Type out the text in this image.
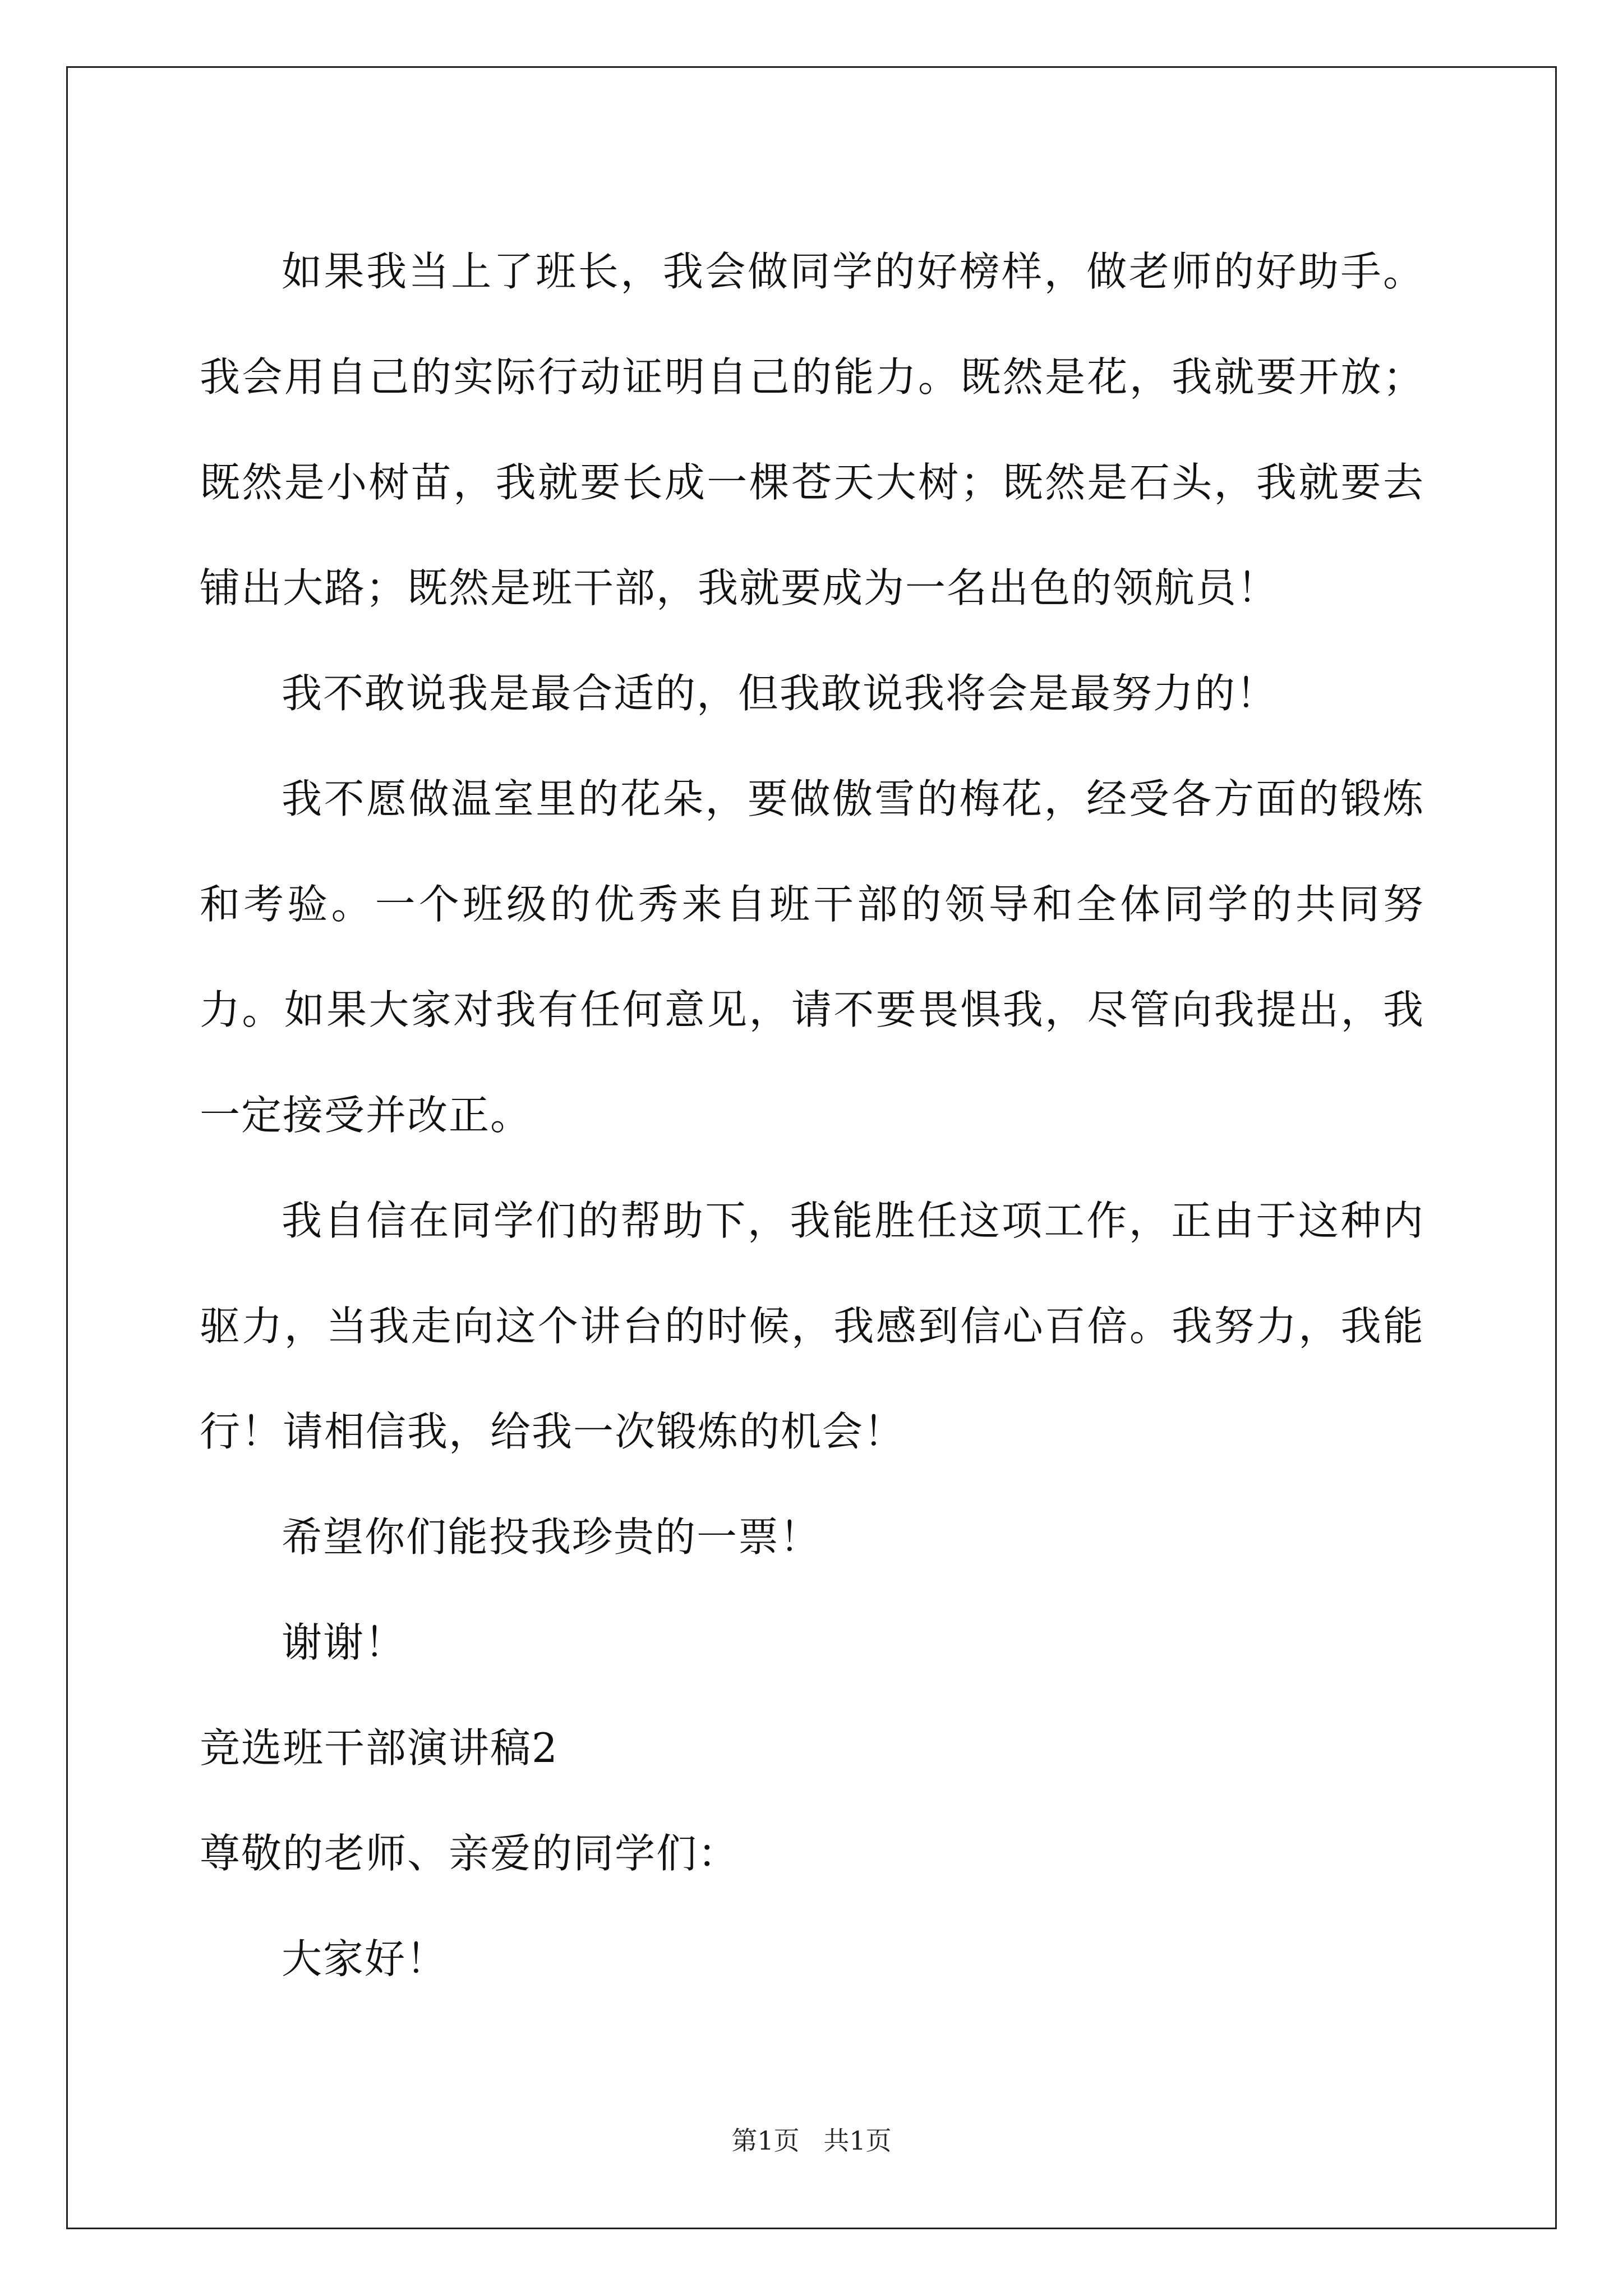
如果我当上了班长，我会做同学的好榜样，做老师的好助手。我会用自己的实际行动证明自己的能力。既然是花，我就要开放；既然是小树苗，我就要长成一棵苍天大树；既然是石头，我就要去铺出大路；既然是班干部，我就要成为一名出色的领航员！

我不敢说我是最合适的，但我敢说我将会是最努力的！

我不愿做温室里的花朵，要做傲雪的梅花，经受各方面的锻炼和考验。一个班级的优秀来自班干部的领导和全体同学的共同努力。如果大家对我有任何意见，请不要畏惧我，尽管向我提出，我一定接受并改正。

我自信在同学们的帮助下，我能胜任这项工作，正由于这种内驱力，当我走向这个讲台的时候，我感到信心百倍。我努力，我能行！请相信我，给我一次锻炼的机会！

希望你们能投我珍贵的一票！

谢谢！

竞选班干部演讲稿2

尊敬的老师、亲爱的同学们：

大家好！

第1页 共1页
